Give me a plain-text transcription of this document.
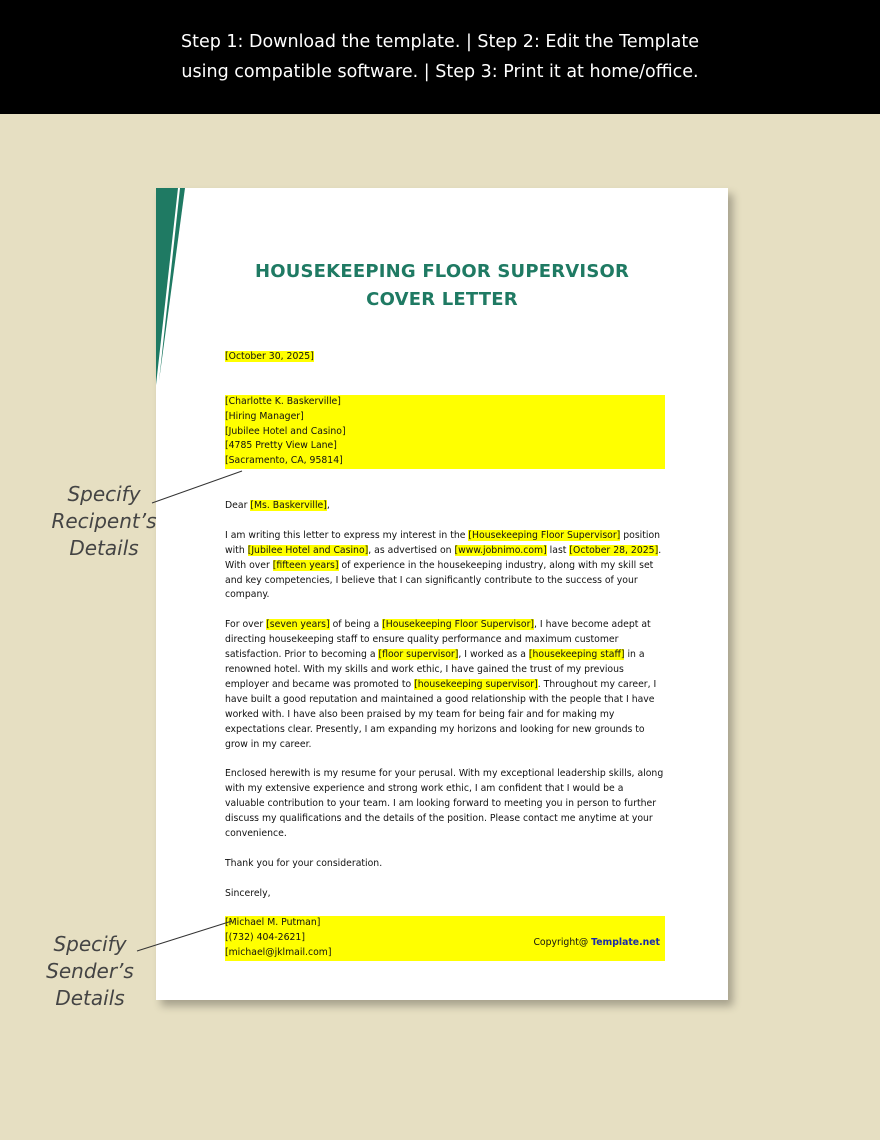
Step 1: Download the template. | Step 2: Edit the Template
using compatible software. | Step 3: Print it at home/office.
HOUSEKEEPING FLOOR SUPERVISOR
COVER LETTER

[October 30, 2025]

[Charlotte K. Baskerville]
[Hiring Manager]
[Jubilee Hotel and Casino]
[4785 Pretty View Lane]
[Sacramento, CA, 95814]

Dear [Ms. Baskerville],

I am writing this letter to express my interest in the [Housekeeping Floor Supervisor] position with [Jubilee Hotel and Casino], as advertised on [www.jobnimo.com] last [October 28, 2025]. With over [fifteen years] of experience in the housekeeping industry, along with my skill set and key competencies, I believe that I can significantly contribute to the success of your company.

For over [seven years] of being a [Housekeeping Floor Supervisor], I have become adept at directing housekeeping staff to ensure quality performance and maximum customer satisfaction. Prior to becoming a [floor supervisor], I worked as a [housekeeping staff] in a renowned hotel. With my skills and work ethic, I have gained the trust of my previous employer and became was promoted to [housekeeping supervisor]. Throughout my career, I have built a good reputation and maintained a good relationship with the people that I have worked with. I have also been praised by my team for being fair and for making my expectations clear. Presently, I am expanding my horizons and looking for new grounds to grow in my career.

Enclosed herewith is my resume for your perusal. With my exceptional leadership skills, along with my extensive experience and strong work ethic, I am confident that I would be a valuable contribution to your team. I am looking forward to meeting you in person to further discuss my qualifications and the details of the position. Please contact me anytime at your convenience.

Thank you for your consideration.

Sincerely,

[Michael M. Putman]
[(732) 404-2621]
[michael@jklmail.com]

Copyright@ Template.net
Specify
Recipent’s
Details
Specify
Sender’s
Details
